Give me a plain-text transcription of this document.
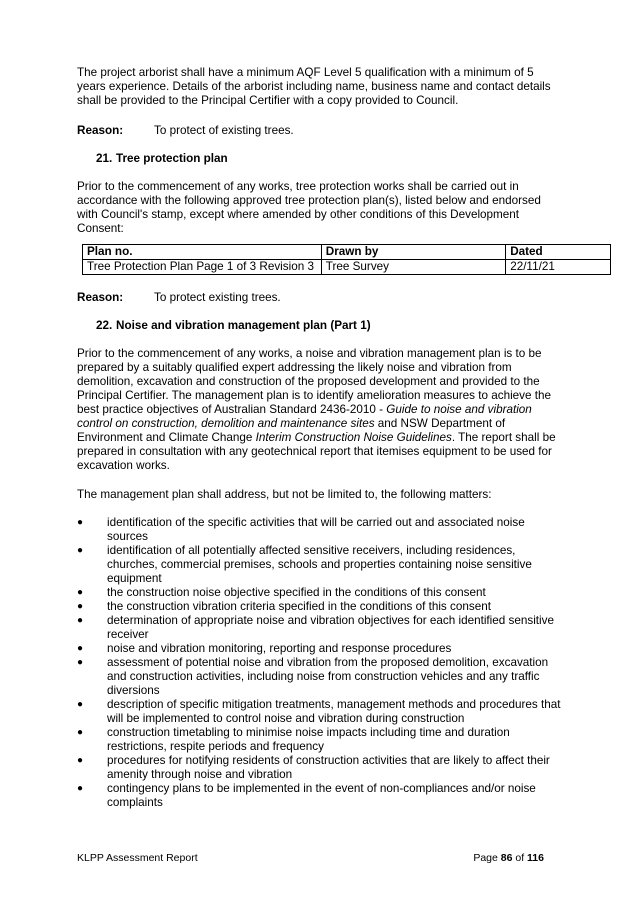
The project arborist shall have a minimum AQF Level 5 qualification with a minimum of 5 years experience. Details of the arborist including name, business name and contact details shall be provided to the Principal Certifier with a copy provided to Council.

Reason:	To protect of existing trees.
21. Tree protection plan

Prior to the commencement of any works, tree protection works shall be carried out in accordance with the following approved tree protection plan(s), listed below and endorsed with Council's stamp, except where amended by other conditions of this Development Consent:

Plan no.	Drawn by	Dated
Tree Protection Plan Page 1 of 3 Revision 3	Tree Survey	22/11/21
Reason:	To protect existing trees.
22. Noise and vibration management plan (Part 1)

Prior to the commencement of any works, a noise and vibration management plan is to be prepared by a suitably qualified expert addressing the likely noise and vibration from demolition, excavation and construction of the proposed development and provided to the Principal Certifier. The management plan is to identify amelioration measures to achieve the best practice objectives of Australian Standard 2436-2010 - Guide to noise and vibration control on construction, demolition and maintenance sites and NSW Department of Environment and Climate Change Interim Construction Noise Guidelines. The report shall be prepared in consultation with any geotechnical report that itemises equipment to be used for excavation works.

The management plan shall address, but not be limited to, the following matters:

●	identification of the specific activities that will be carried out and associated noise sources
●	identification of all potentially affected sensitive receivers, including residences, churches, commercial premises, schools and properties containing noise sensitive equipment
●	the construction noise objective specified in the conditions of this consent
●	the construction vibration criteria specified in the conditions of this consent
●	determination of appropriate noise and vibration objectives for each identified sensitive receiver
●	noise and vibration monitoring, reporting and response procedures
●	assessment of potential noise and vibration from the proposed demolition, excavation and construction activities, including noise from construction vehicles and any traffic diversions
●	description of specific mitigation treatments, management methods and procedures that will be implemented to control noise and vibration during construction
●	construction timetabling to minimise noise impacts including time and duration restrictions, respite periods and frequency
●	procedures for notifying residents of construction activities that are likely to affect their amenity through noise and vibration
●	contingency plans to be implemented in the event of non-compliances and/or noise complaints
KLPP Assessment Report	Page 86 of 116
